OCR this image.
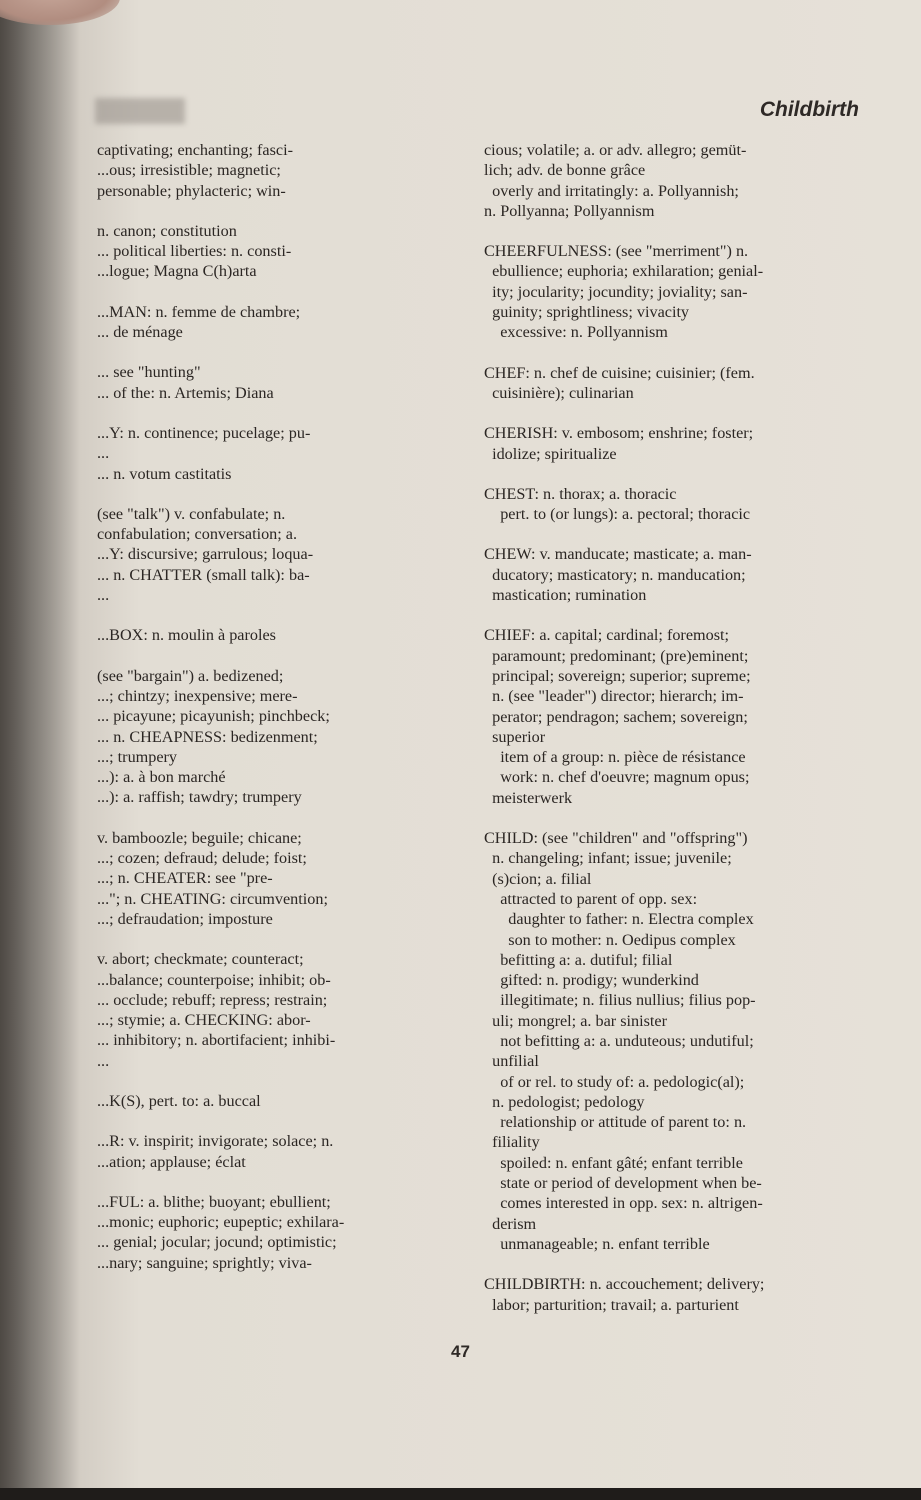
Childbirth
captivating; enchanting; fasci-
...ous; irresistible; magnetic;
personable; phylacteric; win-
n. canon; constitution
... political liberties: n. consti-
...logue; Magna C(h)arta
...MAN: n. femme de chambre;
... de ménage
... see "hunting"
... of the: n. Artemis; Diana
...Y: n. continence; pucelage; pu-
...
... n. votum castitatis
(see "talk") v. confabulate; n.
confabulation; conversation; a.
...Y: discursive; garrulous; loqua-
... n. CHATTER (small talk): ba-
...
...BOX: n. moulin à paroles
(see "bargain") a. bedizened;
...; chintzy; inexpensive; mere-
... picayune; picayunish; pinchbeck;
... n. CHEAPNESS: bedizenment;
...; trumpery
...): a. à bon marché
...): a. raffish; tawdry; trumpery
v. bamboozle; beguile; chicane;
...; cozen; defraud; delude; foist;
...; n. CHEATER: see "pre-
..."; n. CHEATING: circumvention;
...; defraudation; imposture
v. abort; checkmate; counteract;
...balance; counterpoise; inhibit; ob-
... occlude; rebuff; repress; restrain;
...; stymie; a. CHECKING: abor-
... inhibitory; n. abortifacient; inhibi-
...
...K(S), pert. to: a. buccal
...R: v. inspirit; invigorate; solace; n.
...ation; applause; éclat
...FUL: a. blithe; buoyant; ebullient;
...monic; euphoric; eupeptic; exhilara-
... genial; jocular; jocund; optimistic;
...nary; sanguine; sprightly; viva-
cious; volatile; a. or adv. allegro; gemüt-
lich; adv. de bonne grâce
overly and irritatingly: a. Pollyannish;
n. Pollyanna; Pollyannism
CHEERFULNESS: (see "merriment") n.
ebullience; euphoria; exhilaration; genial-
ity; jocularity; jocundity; joviality; san-
guinity; sprightliness; vivacity
excessive: n. Pollyannism
CHEF: n. chef de cuisine; cuisinier; (fem.
cuisinière); culinarian
CHERISH: v. embosom; enshrine; foster;
idolize; spiritualize
CHEST: n. thorax; a. thoracic
pert. to (or lungs): a. pectoral; thoracic
CHEW: v. manducate; masticate; a. man-
ducatory; masticatory; n. manducation;
mastication; rumination
CHIEF: a. capital; cardinal; foremost;
paramount; predominant; (pre)eminent;
principal; sovereign; superior; supreme;
n. (see "leader") director; hierarch; im-
perator; pendragon; sachem; sovereign;
superior
item of a group: n. pièce de résistance
work: n. chef d'oeuvre; magnum opus;
meisterwerk
CHILD: (see "children" and "offspring")
n. changeling; infant; issue; juvenile;
(s)cion; a. filial
attracted to parent of opp. sex:
daughter to father: n. Electra complex
son to mother: n. Oedipus complex
befitting a: a. dutiful; filial
gifted: n. prodigy; wunderkind
illegitimate; n. filius nullius; filius pop-
uli; mongrel; a. bar sinister
not befitting a: a. unduteous; undutiful;
unfilial
of or rel. to study of: a. pedologic(al);
n. pedologist; pedology
relationship or attitude of parent to: n.
filiality
spoiled: n. enfant gâté; enfant terrible
state or period of development when be-
comes interested in opp. sex: n. altrigen-
derism
unmanageable; n. enfant terrible
CHILDBIRTH: n. accouchement; delivery;
labor; parturition; travail; a. parturient
47
